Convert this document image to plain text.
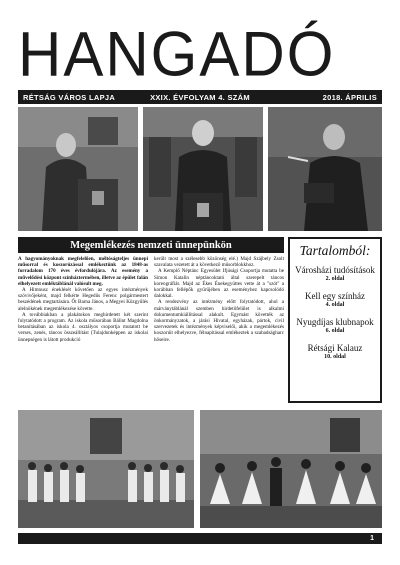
HANGADÓ
RÉTSÁG VÁROS LAPJA	XXIX. ÉVFOLYAM 4. SZÁM	2018. ÁPRILIS
Megemlékezés nemzeti ünnepünkön

A hagyományoknak megfelelően, méltóságteljes ünnepi műsorral és koszorúzással emlékeztünk az 1848-as forradalom 170 éves évfordulójára. Az esemény a művelődési központ színháztermében, illetve az épület falán elhelyezett emléktáblánál valósult meg.

A Himnusz éneklését követően az egyes intézmények szóvivőjeként, majd felkérte Hegedűs Ferenc polgármestert beszédének megtartására. Őt Barna János, a Megyei Közgyűlés alelnökének megemlékezése követte.

A továbbiakban a plakátokon meghirdetett két szerint folytatódott a program. Az iskola műsorában Bálint Magdolna betanításában az iskola 4. osztályos csoportja mutatott be verses, zenés, táncos összeállítást (Tulajdonképpen az iskolai ünnepségen is látott produkció

került most a szélesebb közönség elé.) Majd Szájbely Zsolt szavalata vezetett át a következő műsorblokkhoz.

A Kemplő Néptánc Egyesület Ifjúsági Csoportja mutatta be Simon Katalin néptáncoktató által szerepelt táncos koreográfiát. Majd az Ékes Énekegyüttes vette át a "szót" a korábban fellépők gyűrűjében az eseményhez kapcsolódó dalokkal.

A rendezvény az intézmény előtt folytatódott, ahol a márványtáblánál szemben hirdetőfelület is alkalmi dokumentumkiállítással alakult. Egymást követték az önkormányzatok, a járási Hivatal, egyházak, pártok, civil szervezetek és intézmények képviselői, akik a megemlékezés koszorúit elhelyezve, félnapitással emlékeztek a szabadságharc hőseire.

Tartalomból:
Városházi tudósítások
2. oldal
Kell egy színház
4. oldal
Nyugdíjas klubnapok
6. oldal
Rétsági Kalauz
10. oldal
1
